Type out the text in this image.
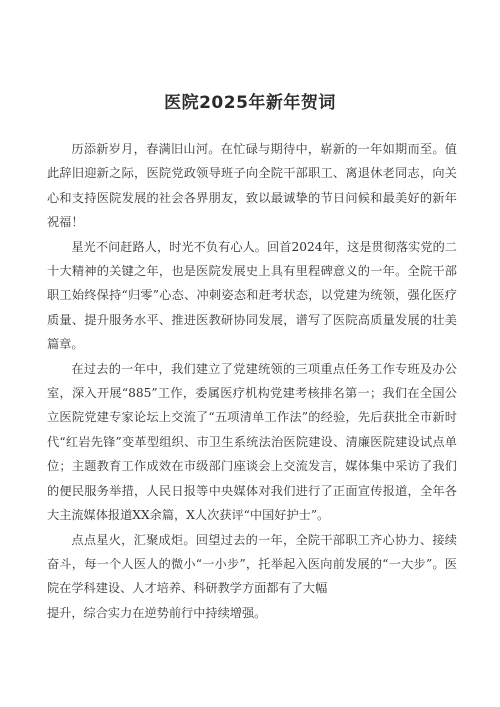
医院2025年新年贺词

历添新岁月，春满旧山河。在忙碌与期待中，崭新的一年如期而至。值此辞旧迎新之际，医院党政领导班子向全院干部职工、离退休老同志，向关心和支持医院发展的社会各界朋友，致以最诚挚的节日问候和最美好的新年祝福！

星光不问赶路人，时光不负有心人。回首2024年，这是贯彻落实党的二十大精神的关键之年，也是医院发展史上具有里程碑意义的一年。全院干部职工始终保持“归零”心态、冲刺姿态和赶考状态，以党建为统领，强化医疗质量、提升服务水平、推进医教研协同发展，谱写了医院高质量发展的壮美篇章。

在过去的一年中，我们建立了党建统领的三项重点任务工作专班及办公室，深入开展“885”工作，委属医疗机构党建考核排名第一；我们在全国公立医院党建专家论坛上交流了“五项清单工作法”的经验，先后获批全市新时代“红岩先锋”变革型组织、市卫生系统法治医院建设、清廉医院建设试点单位；主题教育工作成效在市级部门座谈会上交流发言，媒体集中采访了我们的便民服务举措，人民日报等中央媒体对我们进行了正面宣传报道，全年各大主流媒体报道XX余篇，X人次获评“中国好护士”。

点点星火，汇聚成炬。回望过去的一年，全院干部职工齐心协力、接续奋斗，每一个人医人的微小“一小步”，托举起入医向前发展的“一大步”。医院在学科建设、人才培养、科研教学方面都有了大幅

提升，综合实力在逆势前行中持续增强。
